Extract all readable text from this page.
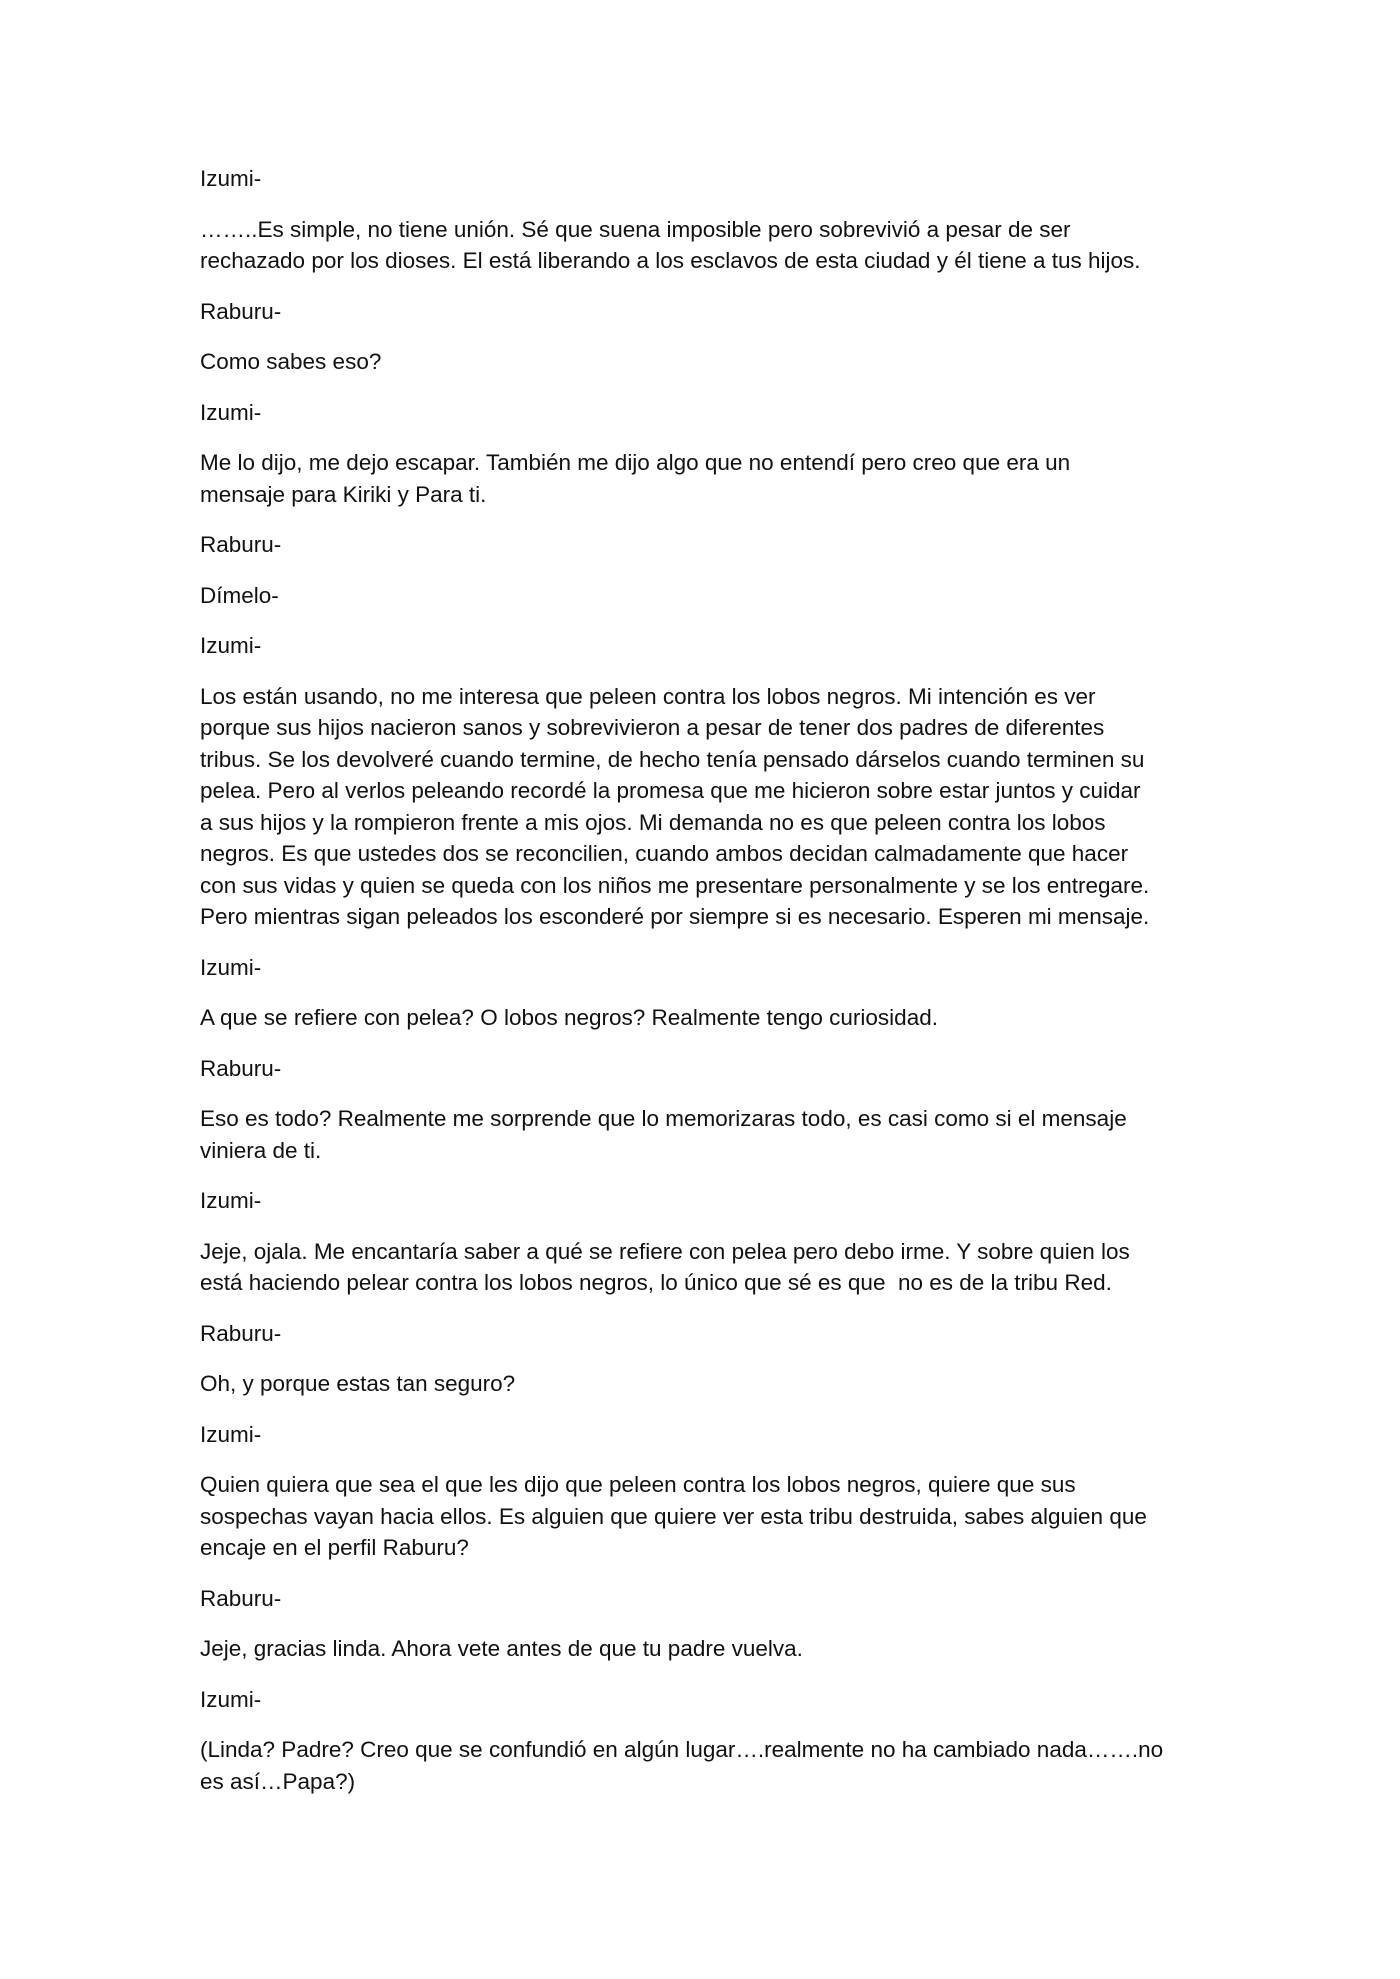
Izumi-

……..Es simple, no tiene unión. Sé que suena imposible pero sobrevivió a pesar de ser
rechazado por los dioses. El está liberando a los esclavos de esta ciudad y él tiene a tus hijos.

Raburu-

Como sabes eso?

Izumi-

Me lo dijo, me dejo escapar. También me dijo algo que no entendí pero creo que era un
mensaje para Kiriki y Para ti.

Raburu-

Dímelo-

Izumi-

Los están usando, no me interesa que peleen contra los lobos negros. Mi intención es ver
porque sus hijos nacieron sanos y sobrevivieron a pesar de tener dos padres de diferentes
tribus. Se los devolveré cuando termine, de hecho tenía pensado dárselos cuando terminen su
pelea. Pero al verlos peleando recordé la promesa que me hicieron sobre estar juntos y cuidar
a sus hijos y la rompieron frente a mis ojos. Mi demanda no es que peleen contra los lobos
negros. Es que ustedes dos se reconcilien, cuando ambos decidan calmadamente que hacer
con sus vidas y quien se queda con los niños me presentare personalmente y se los entregare.
Pero mientras sigan peleados los esconderé por siempre si es necesario. Esperen mi mensaje.

Izumi-

A que se refiere con pelea? O lobos negros? Realmente tengo curiosidad.

Raburu-

Eso es todo? Realmente me sorprende que lo memorizaras todo, es casi como si el mensaje
viniera de ti.

Izumi-

Jeje, ojala. Me encantaría saber a qué se refiere con pelea pero debo irme. Y sobre quien los
está haciendo pelear contra los lobos negros, lo único que sé es que  no es de la tribu Red.

Raburu-

Oh, y porque estas tan seguro?

Izumi-

Quien quiera que sea el que les dijo que peleen contra los lobos negros, quiere que sus
sospechas vayan hacia ellos. Es alguien que quiere ver esta tribu destruida, sabes alguien que
encaje en el perfil Raburu?

Raburu-

Jeje, gracias linda. Ahora vete antes de que tu padre vuelva.

Izumi-

(Linda? Padre? Creo que se confundió en algún lugar….realmente no ha cambiado nada…….no
es así…Papa?)
